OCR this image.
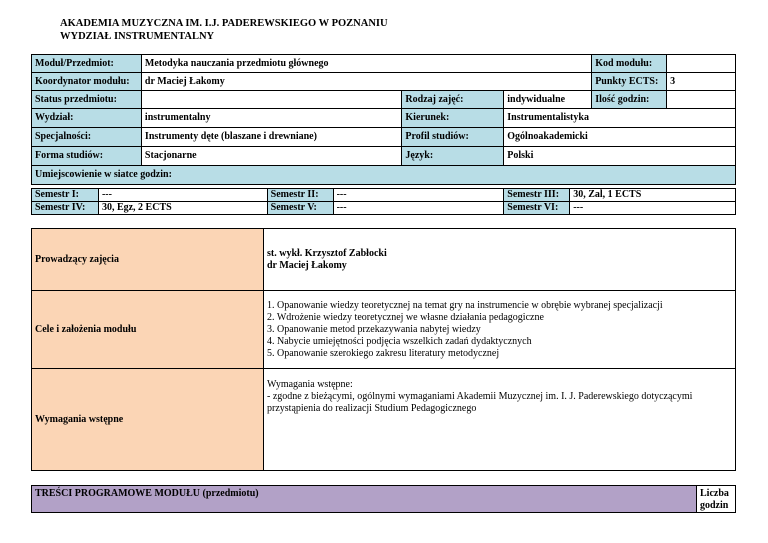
AKADEMIA MUZYCZNA IM. I.J. PADEREWSKIEGO W POZNANIU
WYDZIAŁ INSTRUMENTALNY
Moduł/Przedmiot:	Metodyka nauczania przedmiotu głównego			Kod modułu:	
Koordynator modułu:	dr Maciej Łakomy			Punkty ECTS:	3
Status przedmiotu:		Rodzaj zajęć:	indywidualne	Ilość godzin:	
Wydział:	instrumentalny	Kierunek:	Instrumentalistyka		
Specjalności:	Instrumenty dęte (blaszane i drewniane)	Profil studiów:	Ogólnoakademicki		
Forma studiów:	Stacjonarne	Język:	Polski		
Umiejscowienie w siatce godzin:					
Semestr I:	---	Semestr II:	---	Semestr III:	30, Zal, 1 ECTS
Semestr IV:	30, Egz, 2 ECTS	Semestr V:	---	Semestr VI:	---
Prowadzący zajęcia	st. wykł. Krzysztof Zabłocki
dr Maciej Łakomy

Cele i założenia modułu	1. Opanowanie wiedzy teoretycznej na temat gry na instrumencie w obrębie wybranej specjalizacji
2. Wdrożenie wiedzy teoretycznej we własne działania pedagogiczne
3. Opanowanie metod przekazywania nabytej wiedzy
4. Nabycie umiejętności podjęcia wszelkich zadań dydaktycznych
5. Opanowanie szerokiego zakresu literatury metodycznej

Wymagania wstępne	Wymagania wstępne:
- zgodne z bieżącymi, ogólnymi wymaganiami Akademii Muzycznej im. I. J. Paderewskiego dotyczącymi
przystąpienia do realizacji Studium Pedagogicznego
TREŚCI PROGRAMOWE MODUŁU (przedmiotu)	Liczba
godzin
